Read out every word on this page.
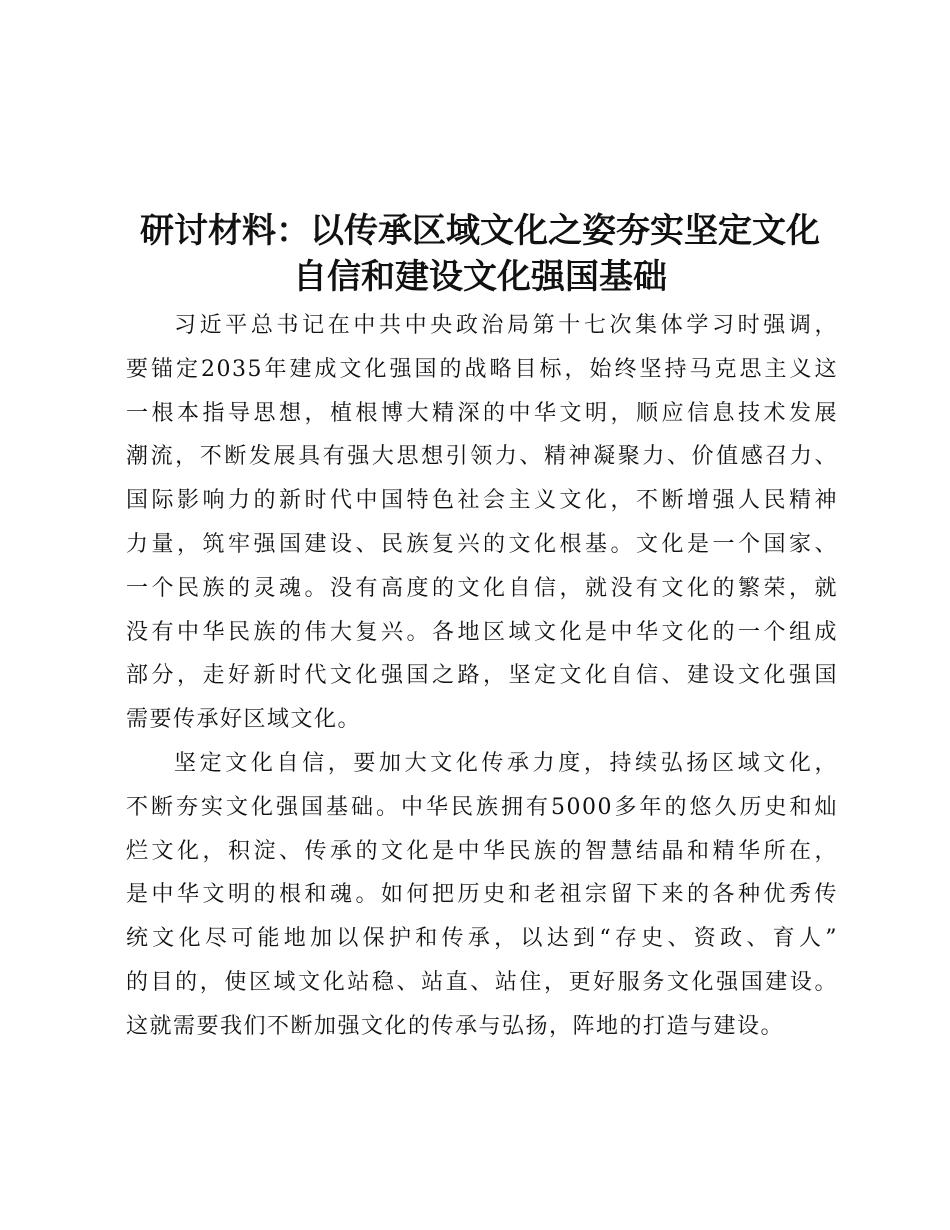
研讨材料：以传承区域文化之姿夯实坚定文化
自信和建设文化强国基础

习近平总书记在中共中央政治局第十七次集体学习时强调，
要锚定2035年建成文化强国的战略目标，始终坚持马克思主义这
一根本指导思想，植根博大精深的中华文明，顺应信息技术发展
潮流，不断发展具有强大思想引领力、精神凝聚力、价值感召力、
国际影响力的新时代中国特色社会主义文化，不断增强人民精神
力量，筑牢强国建设、民族复兴的文化根基。文化是一个国家、
一个民族的灵魂。没有高度的文化自信，就没有文化的繁荣，就
没有中华民族的伟大复兴。各地区域文化是中华文化的一个组成
部分，走好新时代文化强国之路，坚定文化自信、建设文化强国
需要传承好区域文化。

坚定文化自信，要加大文化传承力度，持续弘扬区域文化，
不断夯实文化强国基础。中华民族拥有5000多年的悠久历史和灿
烂文化，积淀、传承的文化是中华民族的智慧结晶和精华所在，
是中华文明的根和魂。如何把历史和老祖宗留下来的各种优秀传
统文化尽可能地加以保护和传承，以达到“存史、资政、育人”
的目的，使区域文化站稳、站直、站住，更好服务文化强国建设。
这就需要我们不断加强文化的传承与弘扬，阵地的打造与建设。
